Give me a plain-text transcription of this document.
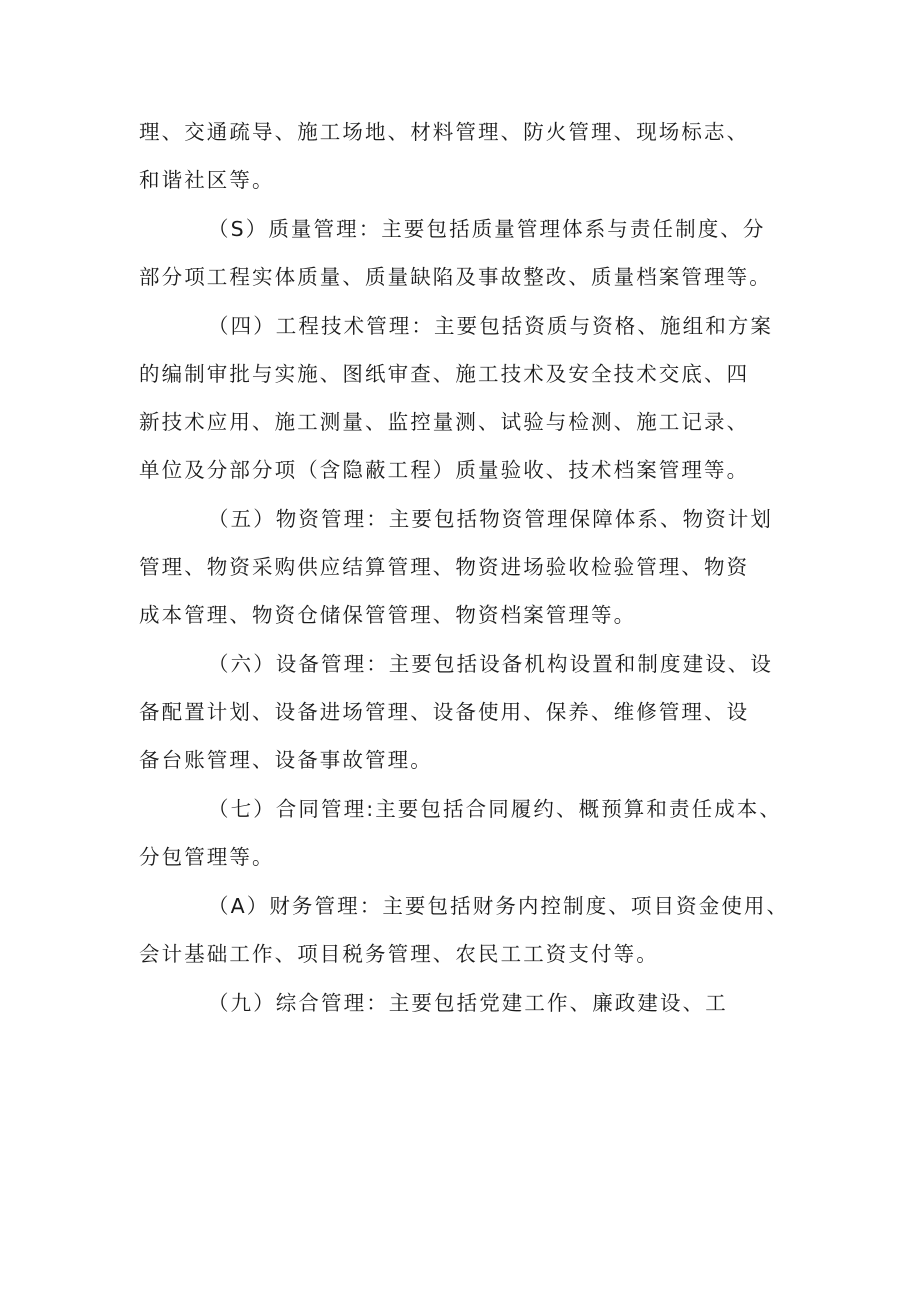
理、交通疏导、施工场地、材料管理、防火管理、现场标志、
和谐社区等。
（S）质量管理：主要包括质量管理体系与责任制度、分
部分项工程实体质量、质量缺陷及事故整改、质量档案管理等。
（四）工程技术管理：主要包括资质与资格、施组和方案
的编制审批与实施、图纸审查、施工技术及安全技术交底、四
新技术应用、施工测量、监控量测、试验与检测、施工记录、
单位及分部分项（含隐蔽工程）质量验收、技术档案管理等。
（五）物资管理：主要包括物资管理保障体系、物资计划
管理、物资采购供应结算管理、物资进场验收检验管理、物资
成本管理、物资仓储保管管理、物资档案管理等。
（六）设备管理：主要包括设备机构设置和制度建设、设
备配置计划、设备进场管理、设备使用、保养、维修管理、设
备台账管理、设备事故管理。
（七）合同管理:主要包括合同履约、概预算和责任成本、
分包管理等。
（A）财务管理：主要包括财务内控制度、项目资金使用、
会计基础工作、项目税务管理、农民工工资支付等。
（九）综合管理：主要包括党建工作、廉政建设、工
